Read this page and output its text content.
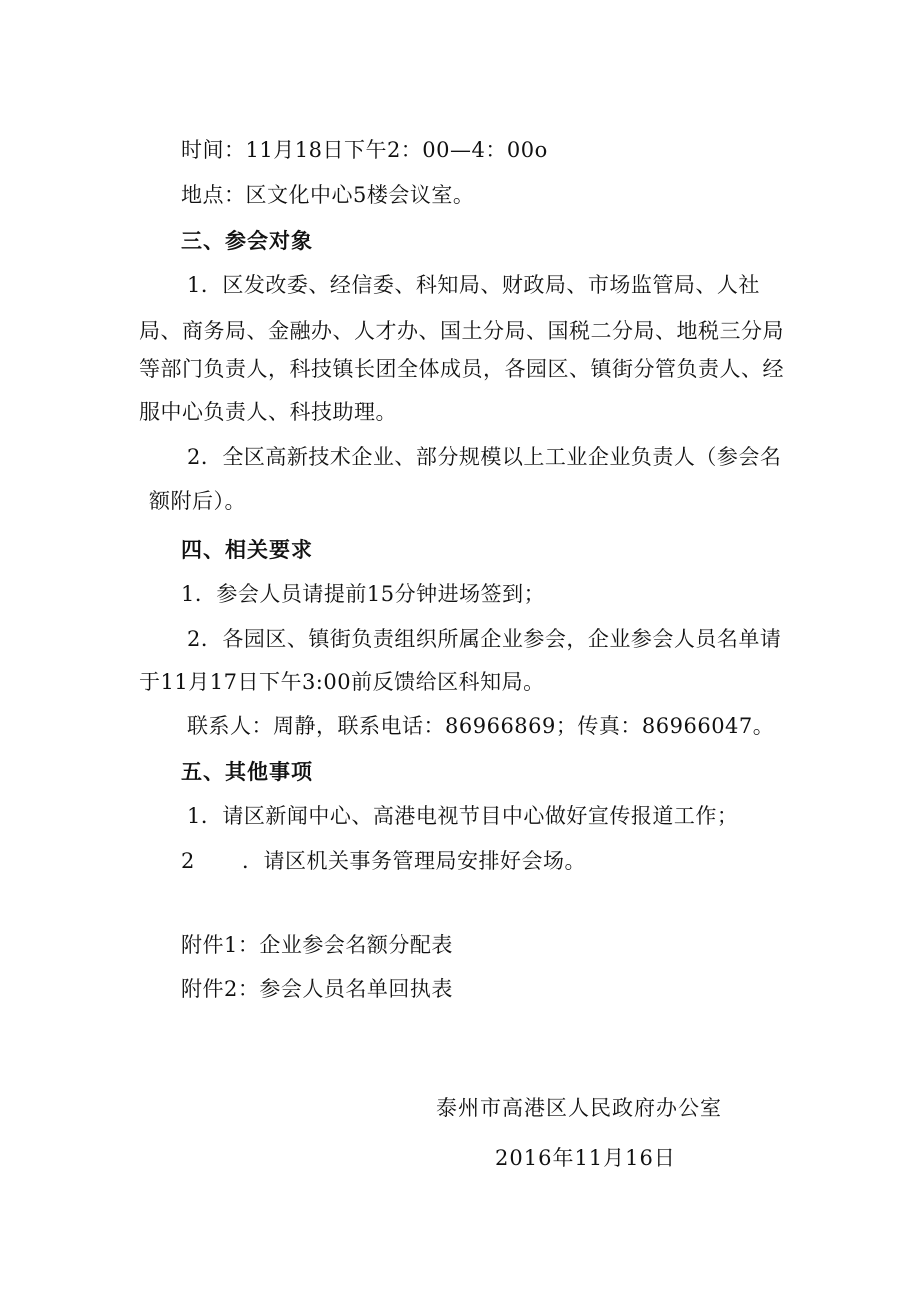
时间：11月18日下午2：00—4：00o
地点：区文化中心5楼会议室。
三、参会对象
1．区发改委、经信委、科知局、财政局、市场监管局、人社
局、商务局、金融办、人才办、国土分局、国税二分局、地税三分局
等部门负责人，科技镇长团全体成员，各园区、镇街分管负责人、经
服中心负责人、科技助理。
2．全区高新技术企业、部分规模以上工业企业负责人（参会名
额附后）。
四、相关要求
1．参会人员请提前15分钟进场签到；
2．各园区、镇街负责组织所属企业参会，企业参会人员名单请
于11月17日下午3:00前反馈给区科知局。
联系人：周静，联系电话：86966869；传真：86966047。
五、其他事项
1．请区新闻中心、高港电视节目中心做好宣传报道工作；
2 ．请区机关事务管理局安排好会场。
附件1：企业参会名额分配表
附件2：参会人员名单回执表
泰州市高港区人民政府办公室
2016年11月16日
